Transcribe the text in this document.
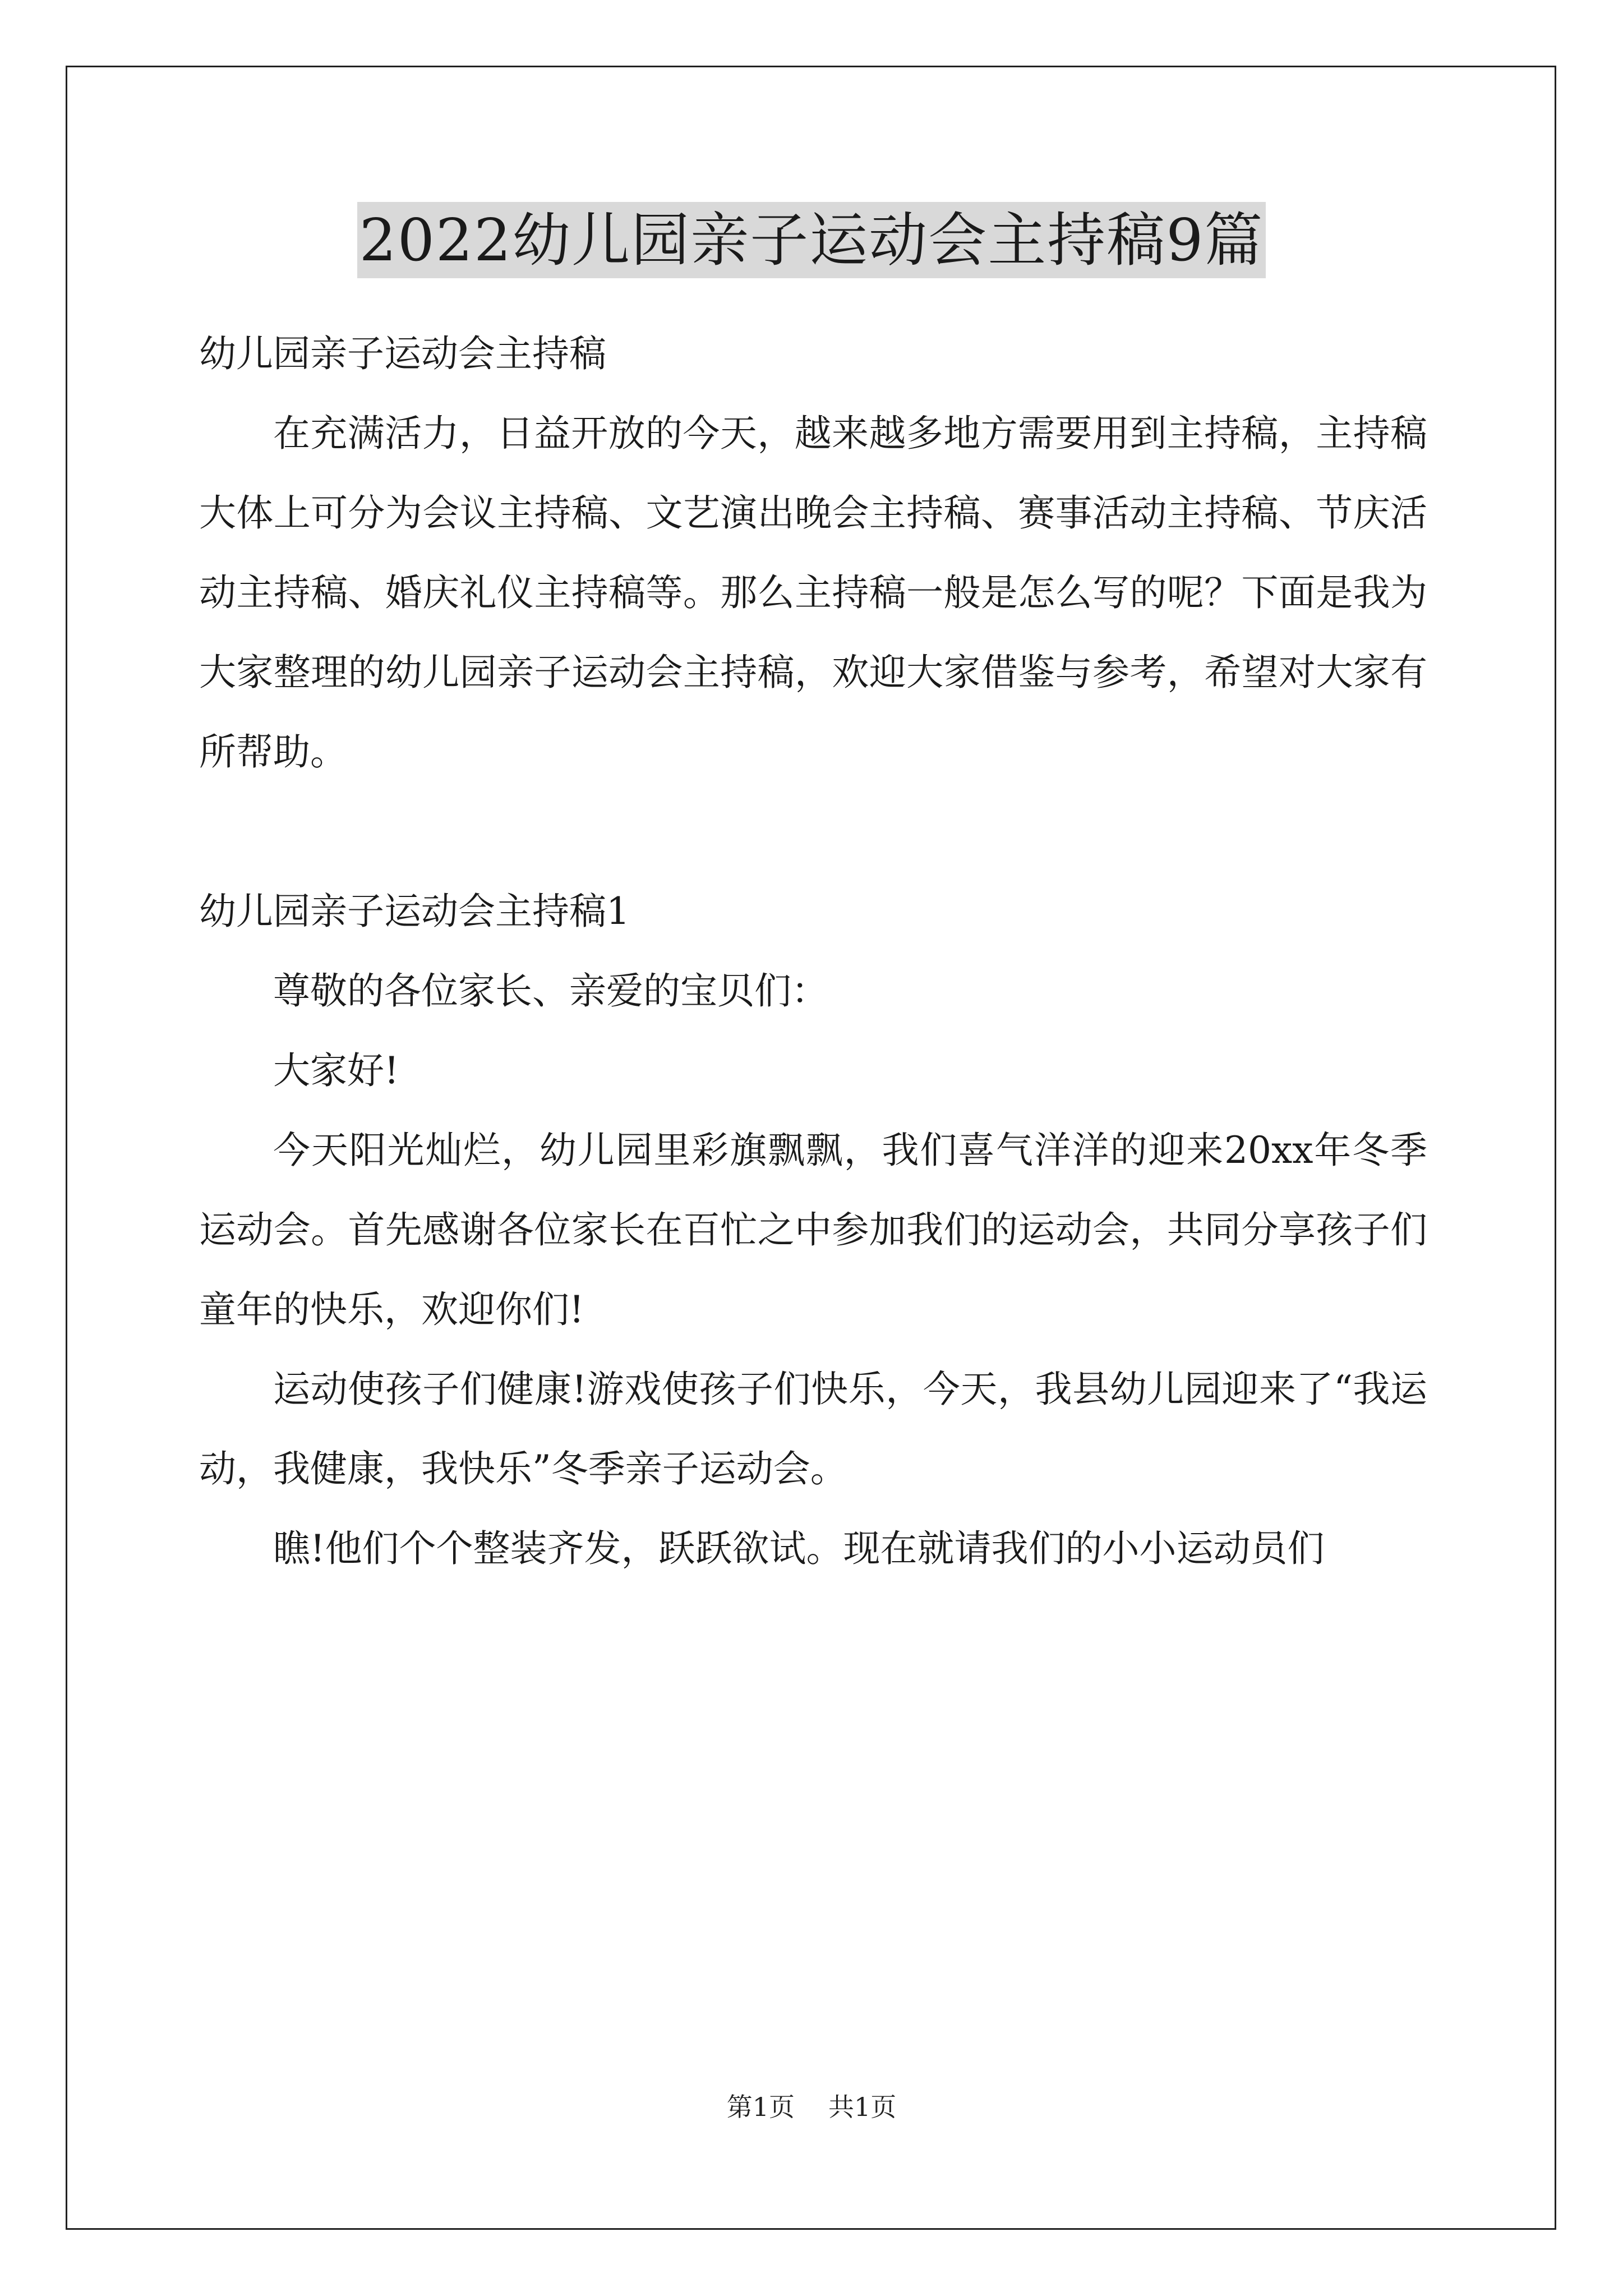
2022幼儿园亲子运动会主持稿9篇

幼儿园亲子运动会主持稿

在充满活力，日益开放的今天，越来越多地方需要用到主持稿，主持稿大体上可分为会议主持稿、文艺演出晚会主持稿、赛事活动主持稿、节庆活动主持稿、婚庆礼仪主持稿等。那么主持稿一般是怎么写的呢？下面是我为大家整理的幼儿园亲子运动会主持稿，欢迎大家借鉴与参考，希望对大家有所帮助。

幼儿园亲子运动会主持稿1

尊敬的各位家长、亲爱的宝贝们：

大家好!

今天阳光灿烂，幼儿园里彩旗飘飘，我们喜气洋洋的迎来20xx年冬季运动会。首先感谢各位家长在百忙之中参加我们的运动会，共同分享孩子们童年的快乐，欢迎你们!

运动使孩子们健康!游戏使孩子们快乐，今天，我县幼儿园迎来了“我运动，我健康，我快乐”冬季亲子运动会。

瞧!他们个个整装齐发，跃跃欲试。现在就请我们的小小运动员们

第1页 共1页
